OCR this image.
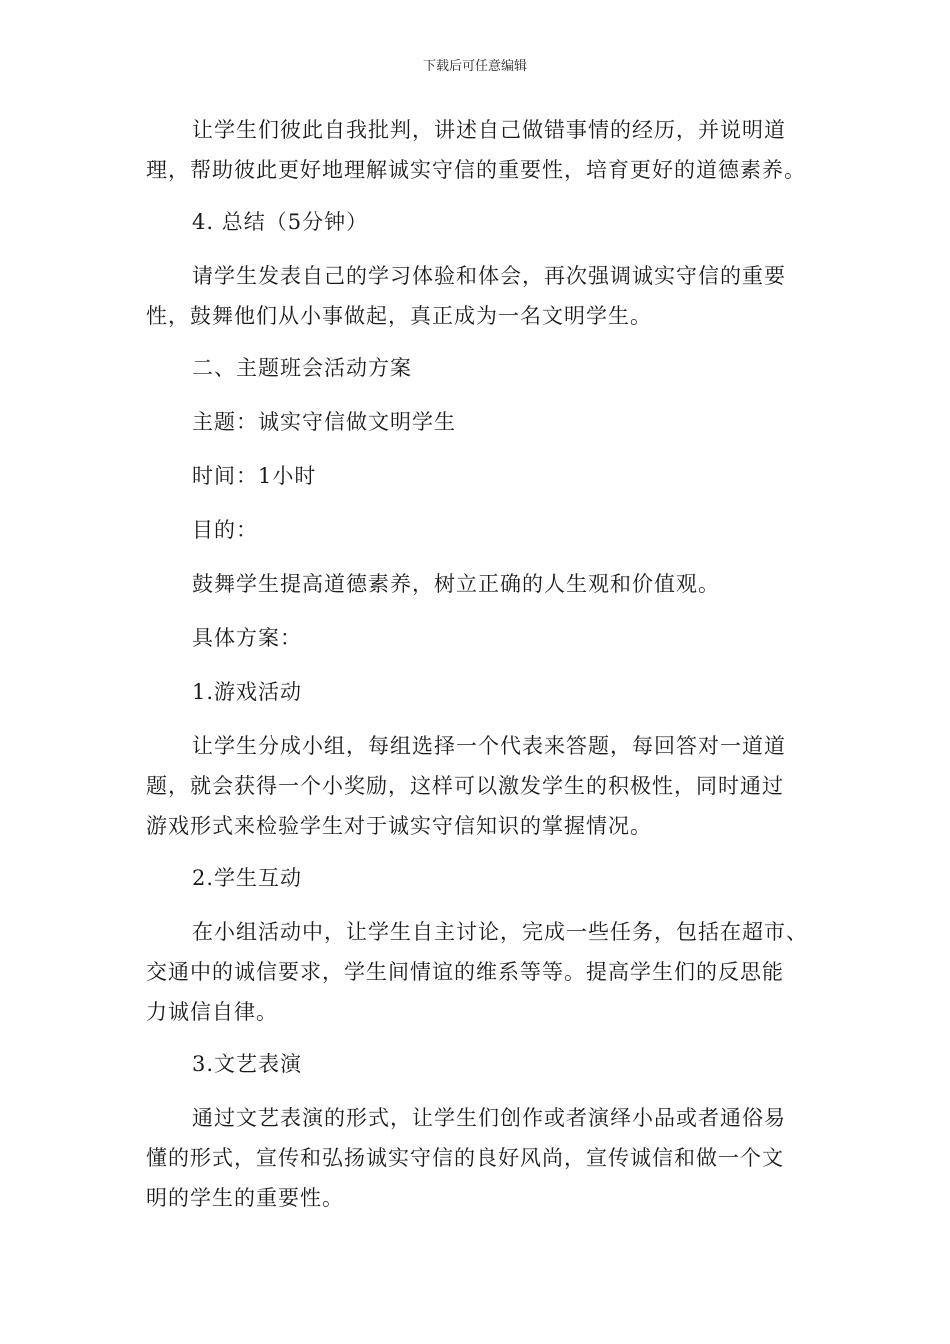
下载后可任意编辑
让学生们彼此自我批判，讲述自己做错事情的经历，并说明道
理，帮助彼此更好地理解诚实守信的重要性，培育更好的道德素养。
4. 总结（5分钟）
请学生发表自己的学习体验和体会，再次强调诚实守信的重要
性，鼓舞他们从小事做起，真正成为一名文明学生。
二、主题班会活动方案
主题：诚实守信做文明学生
时间：1小时
目的：
鼓舞学生提高道德素养，树立正确的人生观和价值观。
具体方案：
1.游戏活动
让学生分成小组，每组选择一个代表来答题，每回答对一道道
题，就会获得一个小奖励，这样可以激发学生的积极性，同时通过
游戏形式来检验学生对于诚实守信知识的掌握情况。
2.学生互动
在小组活动中，让学生自主讨论，完成一些任务，包括在超市、
交通中的诚信要求，学生间情谊的维系等等。提高学生们的反思能
力诚信自律。
3.文艺表演
通过文艺表演的形式，让学生们创作或者演绎小品或者通俗易
懂的形式，宣传和弘扬诚实守信的良好风尚，宣传诚信和做一个文
明的学生的重要性。
